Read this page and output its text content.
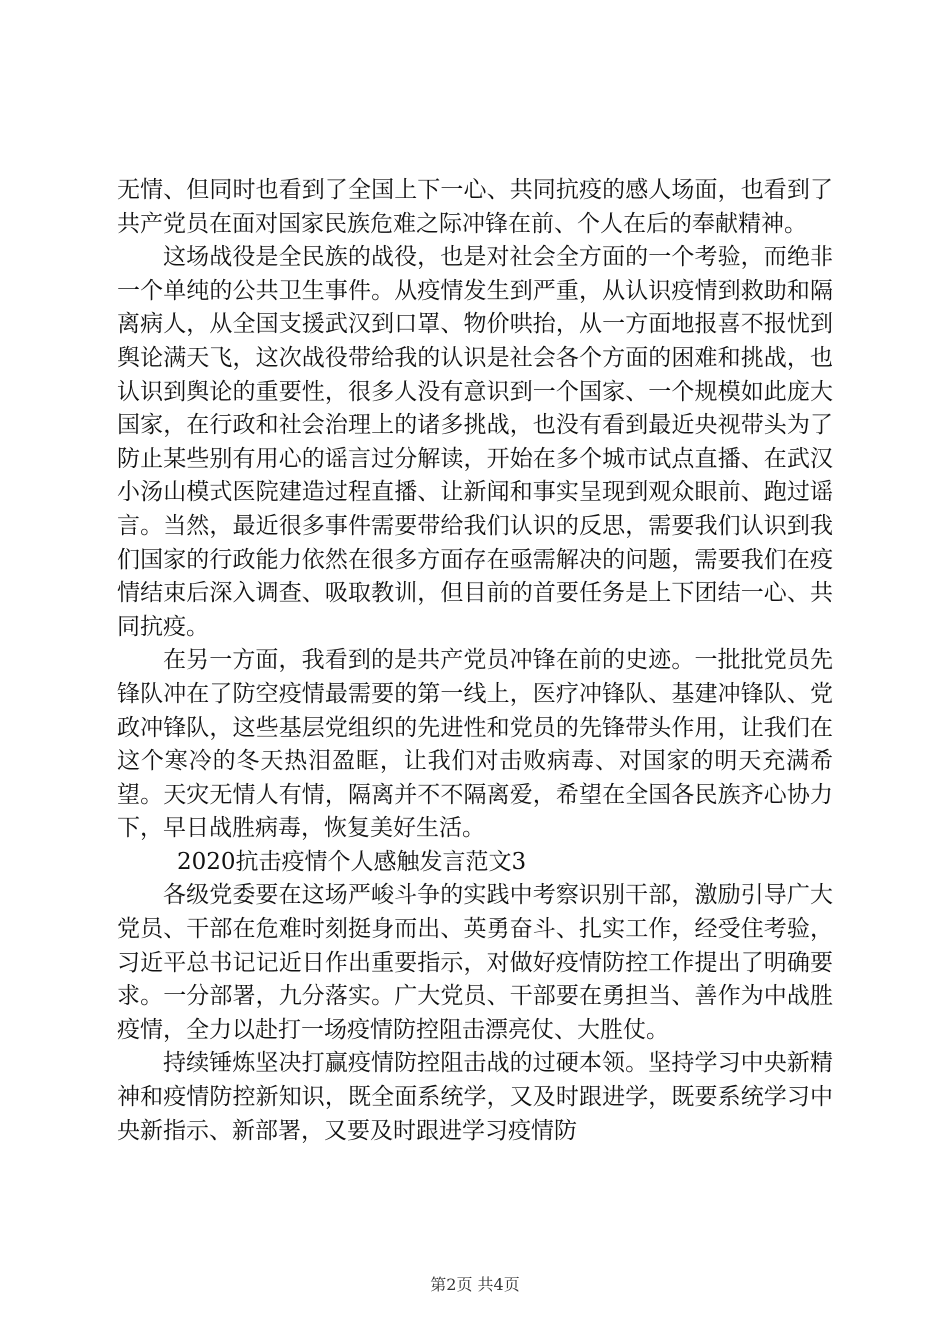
无情、但同时也看到了全国上下一心、共同抗疫的感人场面，也看到了共产党员在面对国家民族危难之际冲锋在前、个人在后的奉献精神。

这场战役是全民族的战役，也是对社会全方面的一个考验，而绝非一个单纯的公共卫生事件。从疫情发生到严重，从认识疫情到救助和隔离病人，从全国支援武汉到口罩、物价哄抬，从一方面地报喜不报忧到舆论满天飞，这次战役带给我的认识是社会各个方面的困难和挑战，也认识到舆论的重要性，很多人没有意识到一个国家、一个规模如此庞大国家，在行政和社会治理上的诸多挑战，也没有看到最近央视带头为了防止某些别有用心的谣言过分解读，开始在多个城市试点直播、在武汉小汤山模式医院建造过程直播、让新闻和事实呈现到观众眼前、跑过谣言。当然，最近很多事件需要带给我们认识的反思，需要我们认识到我们国家的行政能力依然在很多方面存在亟需解决的问题，需要我们在疫情结束后深入调查、吸取教训，但目前的首要任务是上下团结一心、共同抗疫。

在另一方面，我看到的是共产党员冲锋在前的史迹。一批批党员先锋队冲在了防空疫情最需要的第一线上，医疗冲锋队、基建冲锋队、党政冲锋队，这些基层党组织的先进性和党员的先锋带头作用，让我们在这个寒冷的冬天热泪盈眶，让我们对击败病毒、对国家的明天充满希望。天灾无情人有情，隔离并不不隔离爱，希望在全国各民族齐心协力下，早日战胜病毒，恢复美好生活。

2020抗击疫情个人感触发言范文3

各级党委要在这场严峻斗争的实践中考察识别干部，激励引导广大党员、干部在危难时刻挺身而出、英勇奋斗、扎实工作，经受住考验，习近平总书记记近日作出重要指示，对做好疫情防控工作提出了明确要求。一分部署，九分落实。广大党员、干部要在勇担当、善作为中战胜疫情，全力以赴打一场疫情防控阻击漂亮仗、大胜仗。

持续锤炼坚决打赢疫情防控阻击战的过硬本领。坚持学习中央新精神和疫情防控新知识，既全面系统学，又及时跟进学，既要系统学习中央新指示、新部署，又要及时跟进学习疫情防

第2页 共4页
